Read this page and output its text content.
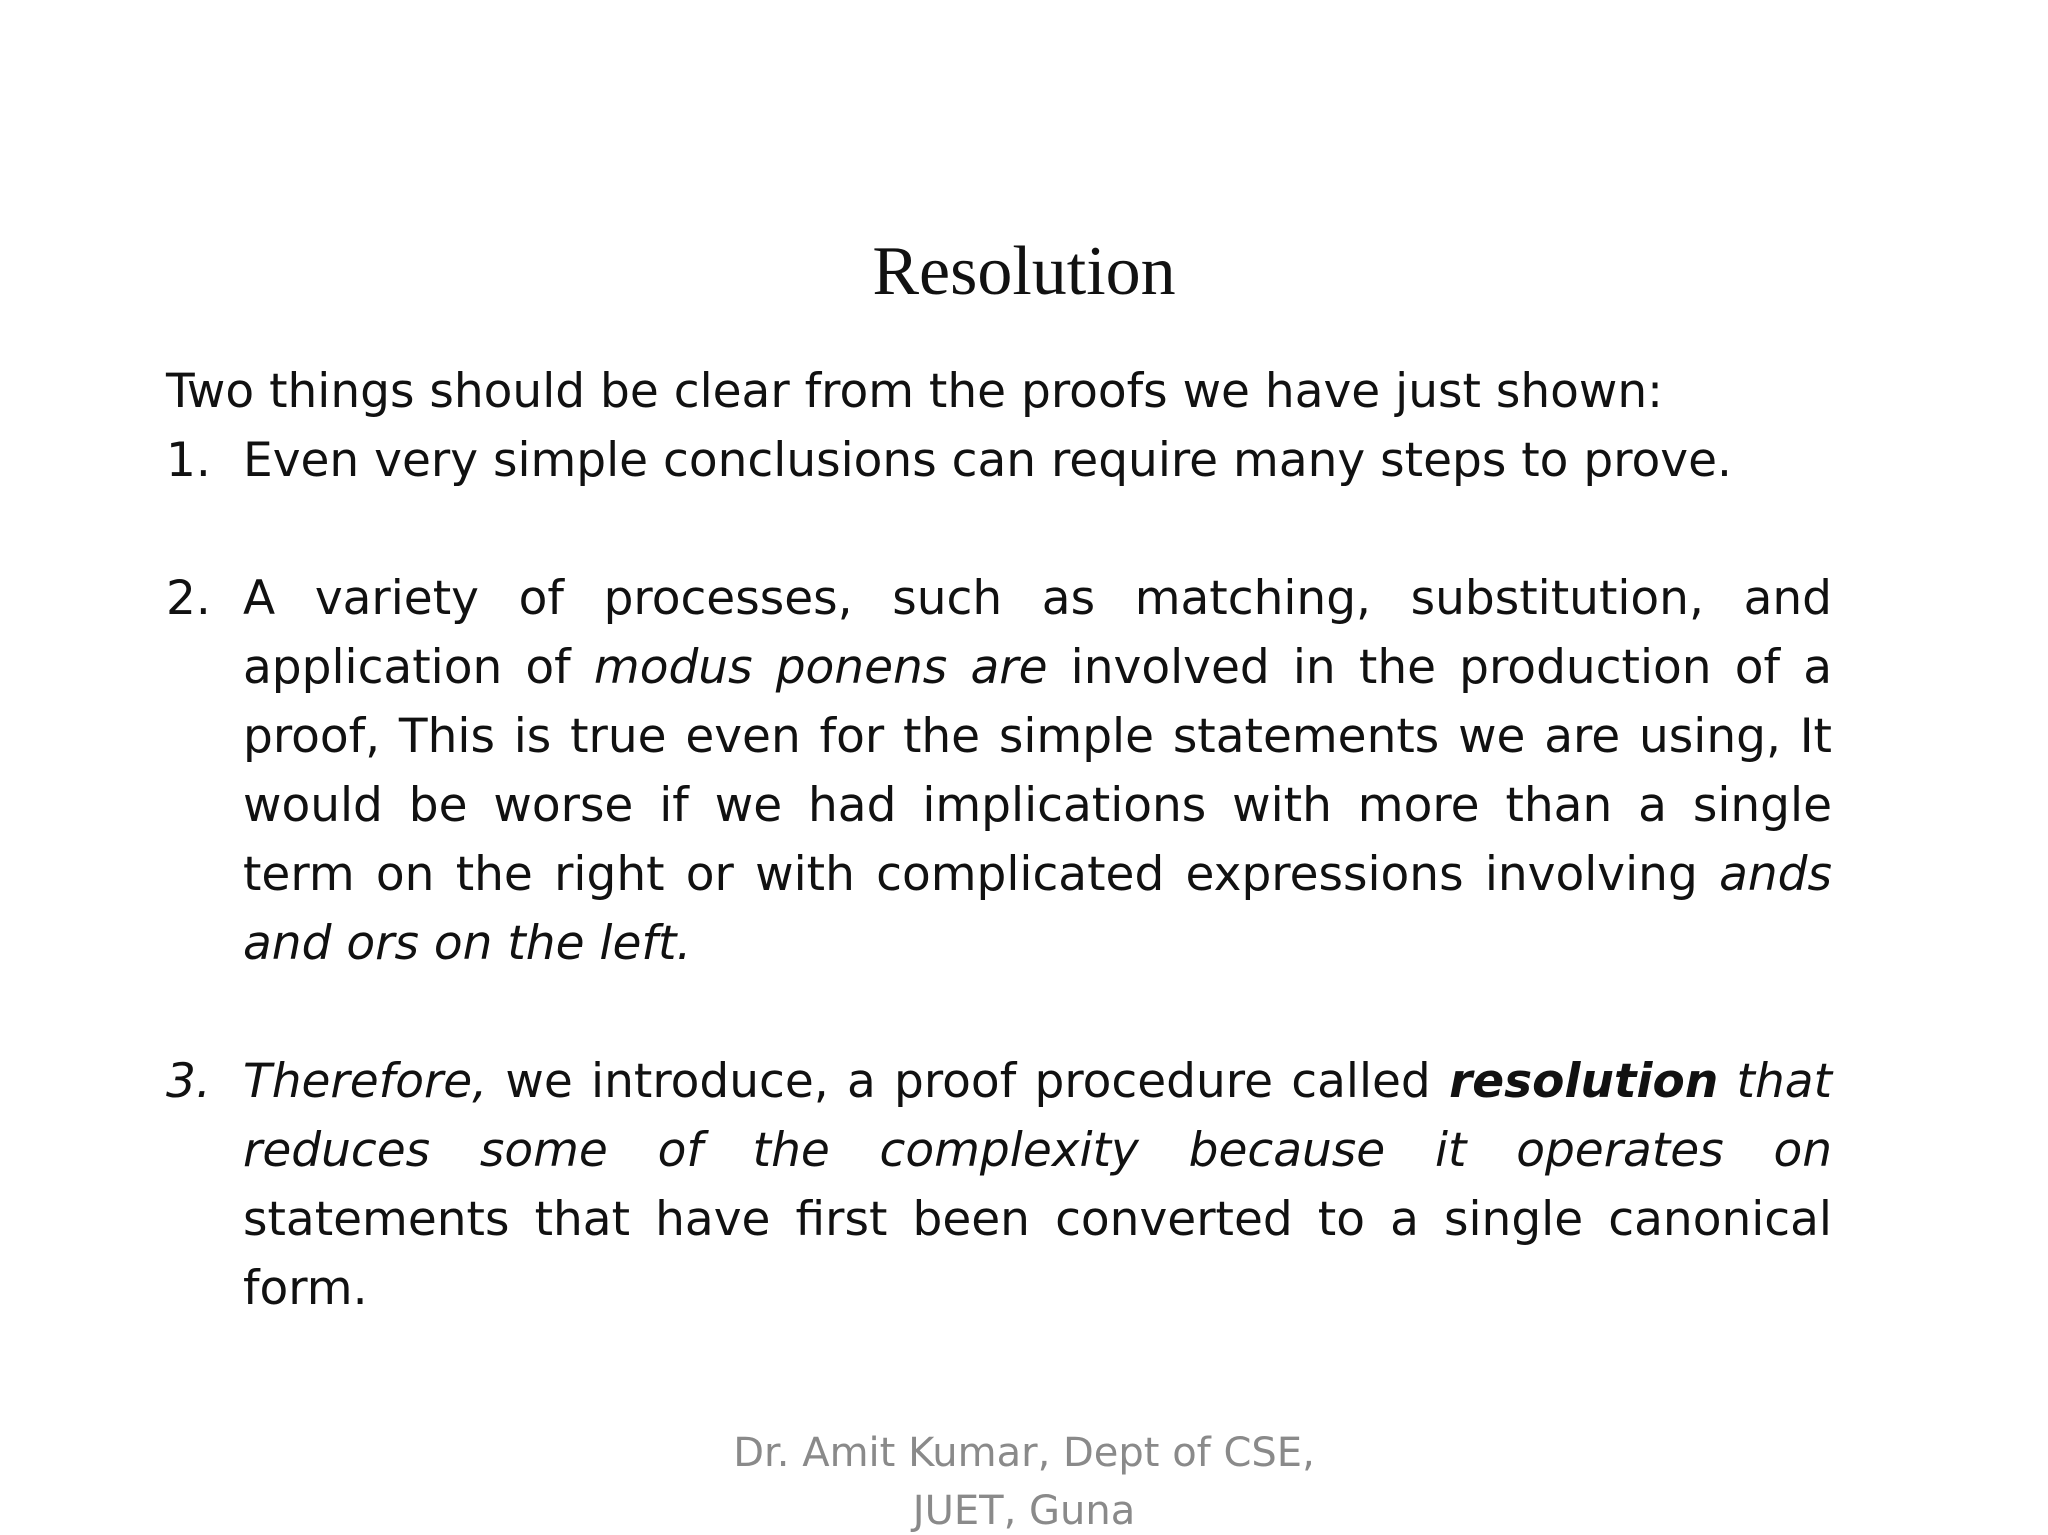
Resolution

Two things should be clear from the proofs we have just shown:

1. Even very simple conclusions can require many steps to prove.
2. A variety of processes, such as matching, substitution, and application of modus ponens are involved in the production of a proof, This is true even for the simple statements we are using, It would be worse if we had implications with more than a single term on the right or with complicated expressions involving ands and ors on the left.
3. Therefore, we introduce, a proof procedure called resolution that reduces some of the complexity because it operates on statements that have first been converted to a single canonical form.
Dr. Amit Kumar, Dept of CSE,
JUET, Guna
